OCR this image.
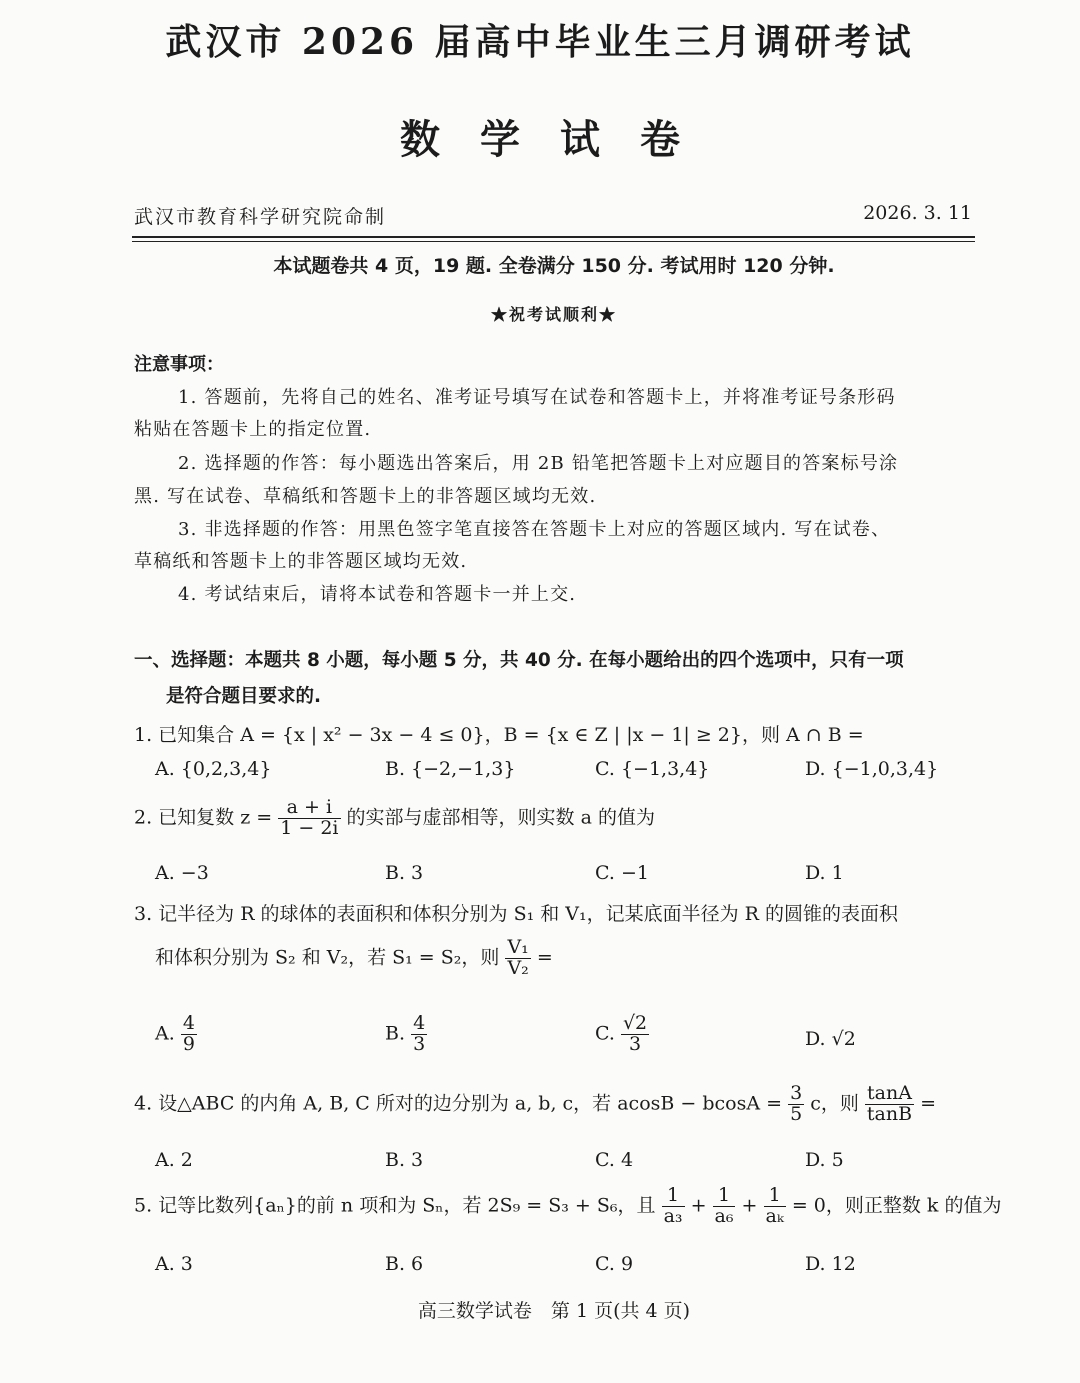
武汉市 2026 届高中毕业生三月调研考试
数学试卷
武汉市教育科学研究院命制	2026. 3. 11
本试题卷共 4 页，19 题. 全卷满分 150 分. 考试用时 120 分钟.
★祝考试顺利★
注意事项：
1. 答题前，先将自己的姓名、准考证号填写在试卷和答题卡上，并将准考证号条形码
粘贴在答题卡上的指定位置.
2. 选择题的作答：每小题选出答案后，用 2B 铅笔把答题卡上对应题目的答案标号涂
黑. 写在试卷、草稿纸和答题卡上的非答题区域均无效.
3. 非选择题的作答：用黑色签字笔直接答在答题卡上对应的答题区域内. 写在试卷、
草稿纸和答题卡上的非答题区域均无效.
4. 考试结束后，请将本试卷和答题卡一并上交.
一、选择题：本题共 8 小题，每小题 5 分，共 40 分. 在每小题给出的四个选项中，只有一项
是符合题目要求的.
1. 已知集合 A = {x | x² − 3x − 4 ≤ 0}，B = {x ∈ Z | |x − 1| ≥ 2}，则 A ∩ B =
A. {0,2,3,4}	B. {−2,−1,3}	C. {−1,3,4}	D. {−1,0,3,4}
2. 已知复数 $z = \frac{a + i}{1 - 2i}$ 的实部与虚部相等，则实数 a 的值为
A. −3	B. 3	C. −1	D. 1
3. 记半径为 R 的球体的表面积和体积分别为 S₁ 和 V₁，记某底面半径为 R 的圆锥的表面积
和体积分别为 S₂ 和 V₂，若 S₁ = S₂，则 $\frac{\text{V₁}}{\text{V₂}}$ =
A. $\frac{4}{9}$	B. $\frac{4}{3}$	C. $\frac{√2}{3}$	D. √2
4. 设△ABC 的内角 A, B, C 所对的边分别为 a, b, c，若 $acosB - bcosA = \frac{3}{5}$ c，则 $\frac{\tan A}{\tan B}$ =
A. 2	B. 3	C. 4	D. 5
5. 记等比数列{aₙ}的前 n 项和为 Sₙ，若 2S₉ = S₃ + S₆，且 $\frac{1}{\text{a₃}} + \frac{1}{\text{a₆}} + \frac{1}{\text{aₖ}} = 0$，则正整数 k 的值为
A. 3	B. 6	C. 9	D. 12
高三数学试卷　第 1 页(共 4 页)
